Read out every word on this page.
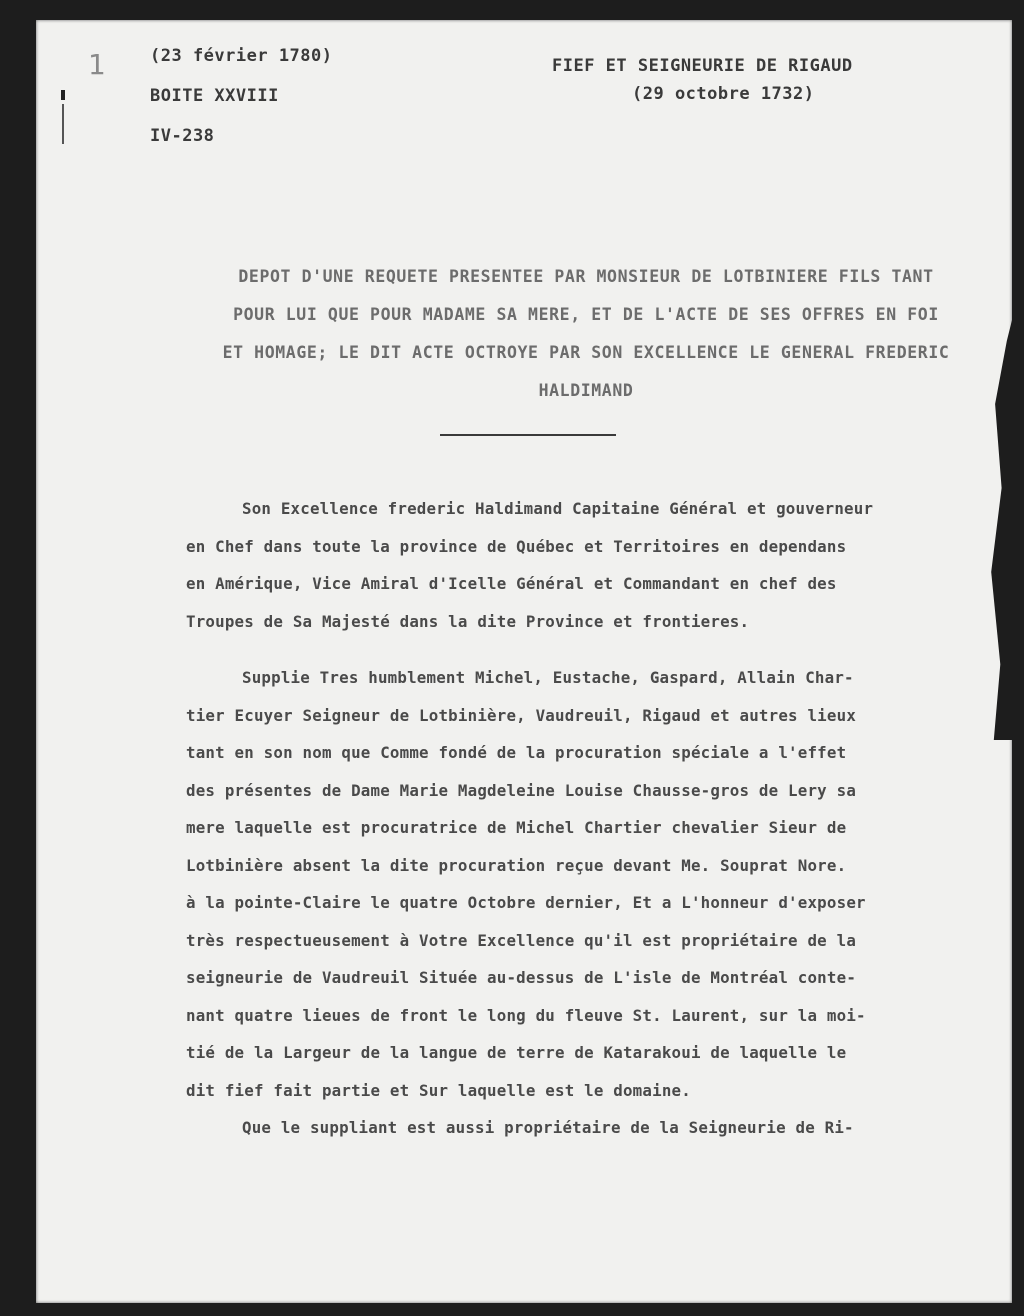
1	(23 février 1780)
BOITE XXVIII
IV-238
FIEF ET SEIGNEURIE DE RIGAUD
(29 octobre 1732)
DEPOT D'UNE REQUETE PRESENTEE PAR MONSIEUR DE LOTBINIERE FILS TANT
POUR LUI QUE POUR MADAME SA MERE, ET DE L'ACTE DE SES OFFRES EN FOI
ET HOMAGE; LE DIT ACTE OCTROYE PAR SON EXCELLENCE LE GENERAL FREDERIC
HALDIMAND
Son Excellence frederic Haldimand Capitaine Général et gouverneur
en Chef dans toute la province de Québec et Territoires en dependans
en Amérique, Vice Amiral d'Icelle Général et Commandant en chef des
Troupes de Sa Majesté dans la dite Province et frontieres.
Supplie Tres humblement Michel, Eustache, Gaspard, Allain Char-
tier Ecuyer Seigneur de Lotbinière, Vaudreuil, Rigaud et autres lieux
tant en son nom que Comme fondé de la procuration spéciale a l'effet
des présentes de Dame Marie Magdeleine Louise Chausse-gros de Lery sa
mere laquelle est procuratrice de Michel Chartier chevalier Sieur de
Lotbinière absent la dite procuration reçue devant Me. Souprat Nore.
à la pointe-Claire le quatre Octobre dernier, Et a L'honneur d'exposer
très respectueusement à Votre Excellence qu'il est propriétaire de la
seigneurie de Vaudreuil Située au-dessus de L'isle de Montréal conte-
nant quatre lieues de front le long du fleuve St. Laurent, sur la moi-
tié de la Largeur de la langue de terre de Katarakoui de laquelle le
dit fief fait partie et Sur laquelle est le domaine.
Que le suppliant est aussi propriétaire de la Seigneurie de Ri-
